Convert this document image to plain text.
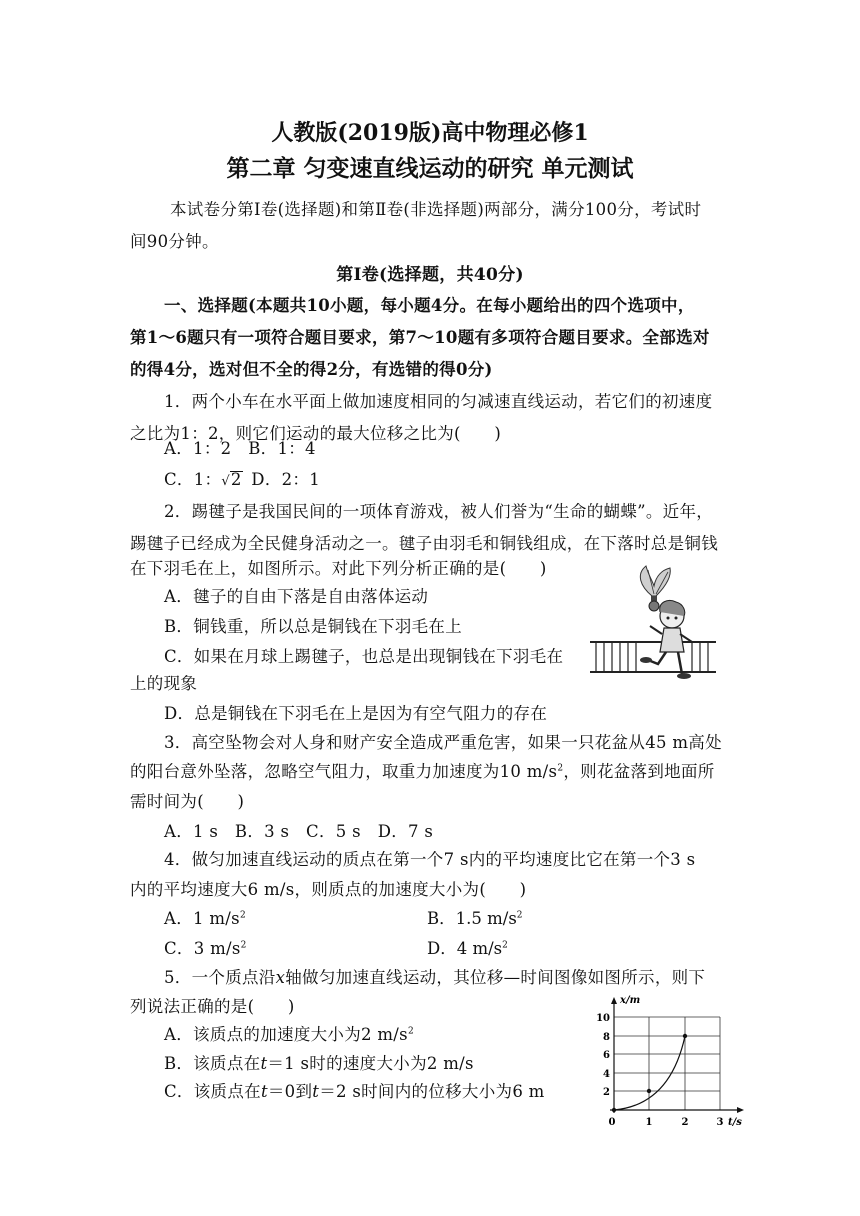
人教版(2019版)高中物理必修1
第二章 匀变速直线运动的研究 单元测试
本试卷分第Ⅰ卷(选择题)和第Ⅱ卷(非选择题)两部分，满分100分，考试时
间90分钟。
第Ⅰ卷(选择题，共40分)
一、选择题(本题共10小题，每小题4分。在每小题给出的四个选项中，
第1～6题只有一项符合题目要求，第7～10题有多项符合题目要求。全部选对
的得4分，选对但不全的得2分，有选错的得0分)
1．两个小车在水平面上做加速度相同的匀减速直线运动，若它们的初速度
之比为1：2，则它们运动的最大位移之比为(　　)
A．1：2　 B．1：4
C．1：√2  D．2：1
2．踢毽子是我国民间的一项体育游戏，被人们誉为“生命的蝴蝶”。近年，
踢毽子已经成为全民健身活动之一。毽子由羽毛和铜钱组成，在下落时总是铜钱
在下羽毛在上，如图所示。对此下列分析正确的是(　　)
A．毽子的自由下落是自由落体运动
B．铜钱重，所以总是铜钱在下羽毛在上
C．如果在月球上踢毽子，也总是出现铜钱在下羽毛在
上的现象
D．总是铜钱在下羽毛在上是因为有空气阻力的存在
3．高空坠物会对人身和财产安全造成严重危害，如果一只花盆从45 m高处
的阳台意外坠落，忽略空气阻力，取重力加速度为10 $m/s^2$，则花盆落到地面所
需时间为(　　)
A．1 s　B．3 s　C．5 s　D．7 s
4．做匀加速直线运动的质点在第一个7 s内的平均速度比它在第一个3 s
内的平均速度大6 m/s，则质点的加速度大小为(　　)
A．1 $m/s^2$	B．1.5 $m/s^2$
C．3 $m/s^2$	D．4 $m/s^2$
5．一个质点沿x轴做匀加速直线运动，其位移—时间图像如图所示，则下
列说法正确的是(　　)
A．该质点的加速度大小为2 $m/s^2$
B．该质点在t＝1 s时的速度大小为2 m/s
C．该质点在t＝0到t＝2 s时间内的位移大小为6 m
x/m
t/s
2
4
6
8
10
0	1	2	3
